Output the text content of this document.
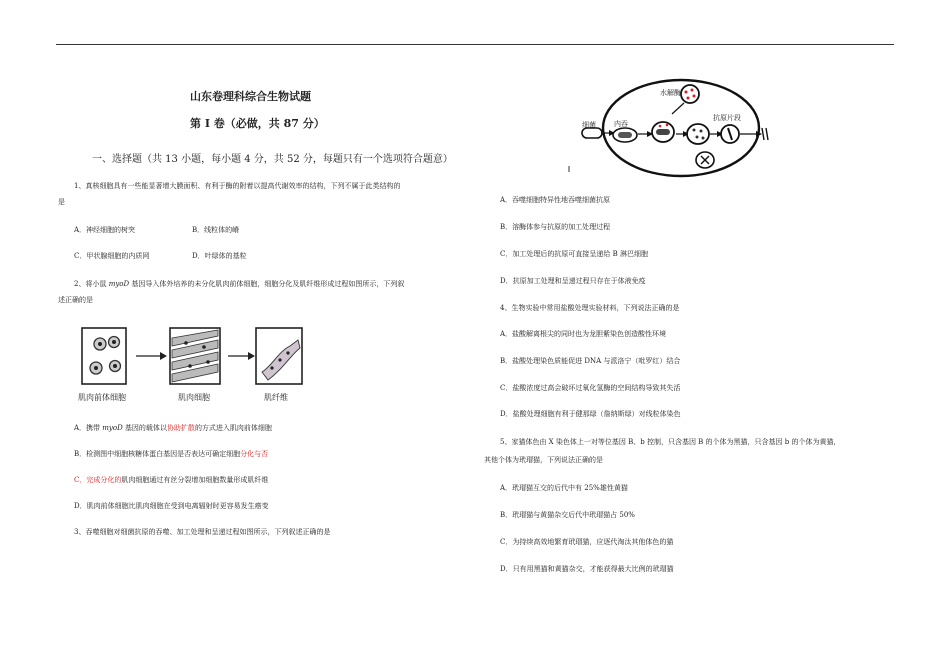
山东卷理科综合生物试题
第 I 卷（必做，共 87 分）
一、选择题（共 13 小题，每小题 4 分，共 52 分，每题只有一个选项符合题意）
1、真核细胞具有一些能显著增大膜面积、有利于酶的附着以提高代谢效率的结构，下列不属于此类结构的
是
A．神经细胞的树突	B．线粒体的嵴
C．甲状腺细胞的内质网	D．叶绿体的基粒
2、将小鼠 myoD 基因导入体外培养的未分化肌肉前体细胞，细胞分化及肌纤维形成过程如图所示，下列叙
述正确的是
肌肉前体细胞	肌肉细胞	肌纤维
A．携带 myoD 基因的载体以协助扩散的方式进入肌肉前体细胞
B．检测图中细胞核糖体蛋白基因是否表达可确定细胞分化与否
C．完成分化的肌肉细胞通过有丝分裂增加细胞数量形成肌纤维
D．肌肉前体细胞比肌肉细胞在受到电离辐射时更容易发生癌变
3、吞噬细胞对细菌抗原的吞噬、加工处理和呈递过程如图所示，下列叙述正确的是
细菌	内吞
水解酶
抗原片段
A．吞噬细胞特异性地吞噬细菌抗原
B．溶酶体参与抗原的加工处理过程
C．加工处理后的抗原可直接呈递给 B 淋巴细胞
D．抗原加工处理和呈递过程只存在于体液免疫
4、生物实验中常用盐酸处理实验材料，下列说法正确的是
A．盐酸解离根尖的同时也为龙胆紫染色创造酸性环境
B．盐酸处理染色质能促进 DNA 与派洛宁（吡罗红）结合
C．盐酸浓度过高会破坏过氧化氢酶的空间结构导致其失活
D．盐酸处理细胞有利于健那绿（詹纳斯绿）对线粒体染色
5、家猫体色由 X 染色体上一对等位基因 B、b 控制，只含基因 B 的个体为黑猫，只含基因 b 的个体为黄猫，
其他个体为玳瑁猫，下列说法正确的是
A．玳瑁猫互交的后代中有 25%雄性黄猫
B．玳瑁猫与黄猫杂交后代中玳瑁猫占 50%
C．为持续高效地繁育玳瑁猫，应逐代淘汰其他体色的猫
D．只有用黑猫和黄猫杂交，才能获得最大比例的玳瑁猫
